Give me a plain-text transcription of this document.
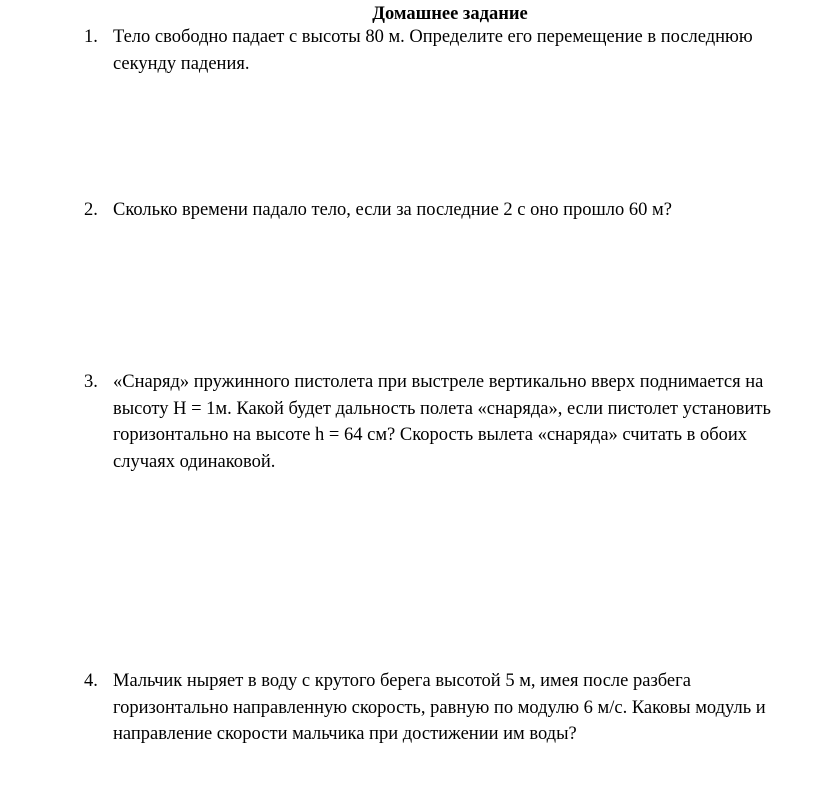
Домашнее задание
1. Тело свободно падает с высоты 80 м. Определите его перемещение в последнюю
секунду падения.
2. Сколько времени падало тело, если за последние 2 с оно прошло 60 м?
3. «Снаряд» пружинного пистолета при выстреле вертикально вверх поднимается на
высоту H = 1м. Какой будет дальность полета «снаряда», если пистолет установить
горизонтально на высоте h = 64 см? Скорость вылета «снаряда» считать в обоих
случаях одинаковой.
4. Мальчик ныряет в воду с крутого берега высотой 5 м, имея после разбега
горизонтально направленную скорость, равную по модулю 6 м/с. Каковы модуль и
направление скорости мальчика при достижении им воды?
